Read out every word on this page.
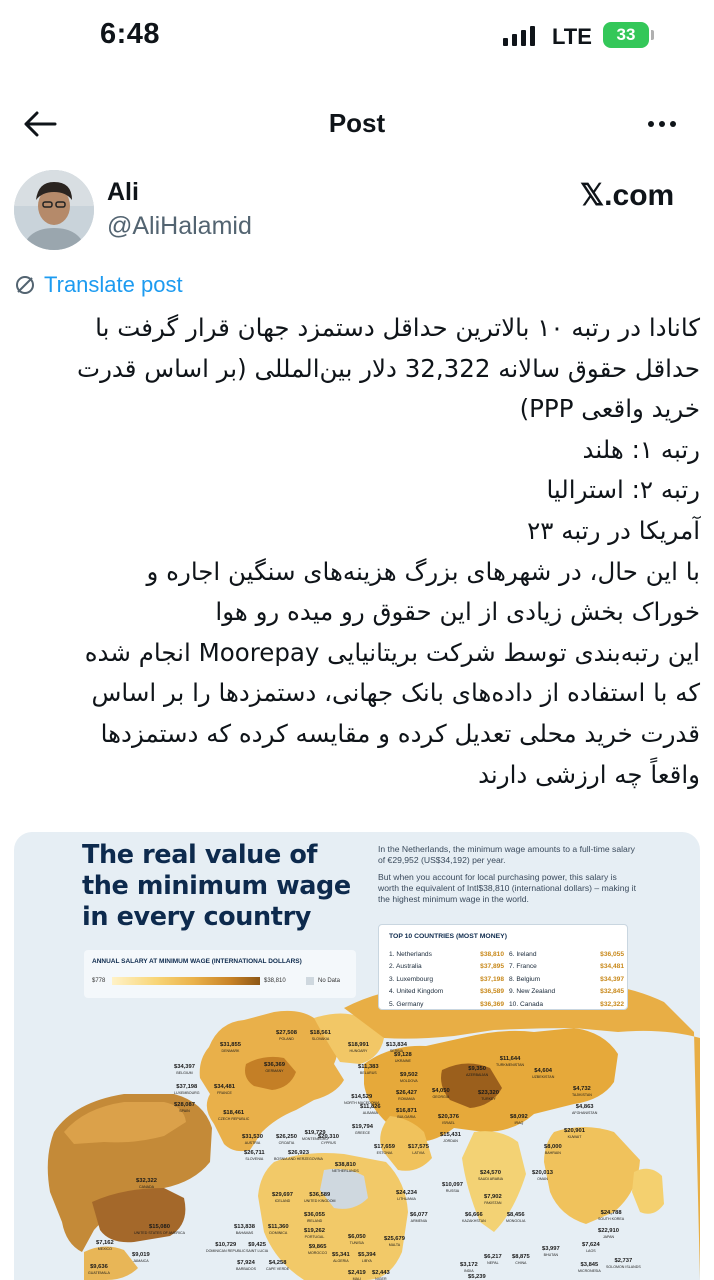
6:48	LTE 33
Post
Ali
@AliHalamid
𝕏.com
Translate post
کانادا در رتبه ۱۰ بالاترین حداقل دستمزد جهان قرار گرفت با
حداقل حقوق سالانه 32,322 دلار بین‌المللی (بر اساس قدرت
خرید واقعی PPP)
رتبه ۱: هلند
رتبه ۲: استرالیا
آمریکا در رتبه ۲۳
با این حال، در شهرهای بزرگ هزینه‌های سنگین اجاره و
خوراک بخش زیادی از این حقوق رو میده رو هوا
این رتبه‌بندی توسط شرکت بریتانیایی Moorepay انجام شده
که با استفاده از داده‌های بانک جهانی، دستمزدها را بر اساس
قدرت خرید محلی تعدیل کرده و مقایسه کرده که دستمزدها
واقعاً چه ارزشی دارند
The real value of
the minimum wage
in every country

In the Netherlands, the minimum wage amounts to a full-time salary of €29,952 (US$34,192) per year.

But when you account for local purchasing power, this salary is worth the equivalent of Intl$38,810 (international dollars) – making it the highest minimum wage in the world.

ANNUAL SALARY AT MINIMUM WAGE (INTERNATIONAL DOLLARS)
$778	$38,810	No Data
TOP 10 COUNTRIES (MOST MONEY)
1. Netherlands	$38,810
2. Australia	$37,895
3. Luxembourg	$37,198
4. United Kingdom	$36,589
5. Germany	$36,369
6. Ireland	$36,055
7. France	$34,481
8. Belgium	$34,397
9. New Zealand	$32,845
10. Canada	$32,322
$27,508
POLAND
$18,561
SLOVAKIA
$31,855
DENMARK
$36,369
GERMANY
$18,991
HUNGARY
$13,834
SERBIA
$34,397
BELGIUM
$11,383
BELARUS
$9,128
UKRAINE
$9,502
MOLDOVA
$37,198
LUXEMBOURG
$34,481
FRANCE
$28,087
SPAIN
$14,529
NORTH MACEDONIA
$26,427
ROMANIA
$16,871
BULGARIA
$11,826
ALBANIA
$19,794
GREECE
$18,461
CZECH REPUBLIC
$31,530
AUSTRIA
$26,250
CROATIA
$20,310
CYPRUS
$19,729
MONTENEGRO
$26,711
SLOVENIA
$26,923
BOSNIA AND HERZEGOVINA
$17,659
ESTONIA
$17,575
LATVIA
$38,810
NETHERLANDS
$11,644
TURKMENISTAN
$9,350
AZERBAIJAN
$4,604
UZBEKISTAN
$4,050
GEORGIA
$23,320
TURKEY
$4,732
TAJIKISTAN
$4,863
AFGHANISTAN
$20,376
ISRAEL
$8,092
IRAQ
$15,431
JORDAN
$20,901
KUWAIT
$8,000
BAHRAIN
$24,570
SAUDI ARABIA
$20,013
OMAN
$32,322
CANADA
$15,080
UNITED STATES OF AMERICA
$29,697
ICELAND
$36,589
UNITED KINGDOM
$36,055
IRELAND
$19,262
PORTUGAL
$24,234
LITHUANIA	$7,902
PAKISTAN
$10,097
RUSSIA
$6,666
KAZAKHSTAN
$6,077
ARMENIA
$8,456
MONGOLIA
$24,788
SOUTH KOREA
$22,910
JAPAN
$7,162
MEXICO
$13,838
BAHAMAS
$11,360
DOMINICA
$10,729
DOMINICAN REPUBLIC
$9,425
SAINT LUCIA
$9,019
JAMAICA
$9,636
GUATEMALA
$7,924
BARBADOS
$4,258
CAPE VERDE
$9,865
MOROCCO $5,341
ALGERIA
$5,394
LIBYA
$6,050
TUNISIA
$25,679
MALTA
$2,419
MALI
$2,443
NIGER
$6,217
NEPAL
$8,875
CHINA
$3,997
BHUTAN
$7,624
LAOS
$3,172
INDIA
$5,239
$3,845
MICRONESIA
$2,737
SOLOMON ISLANDS
